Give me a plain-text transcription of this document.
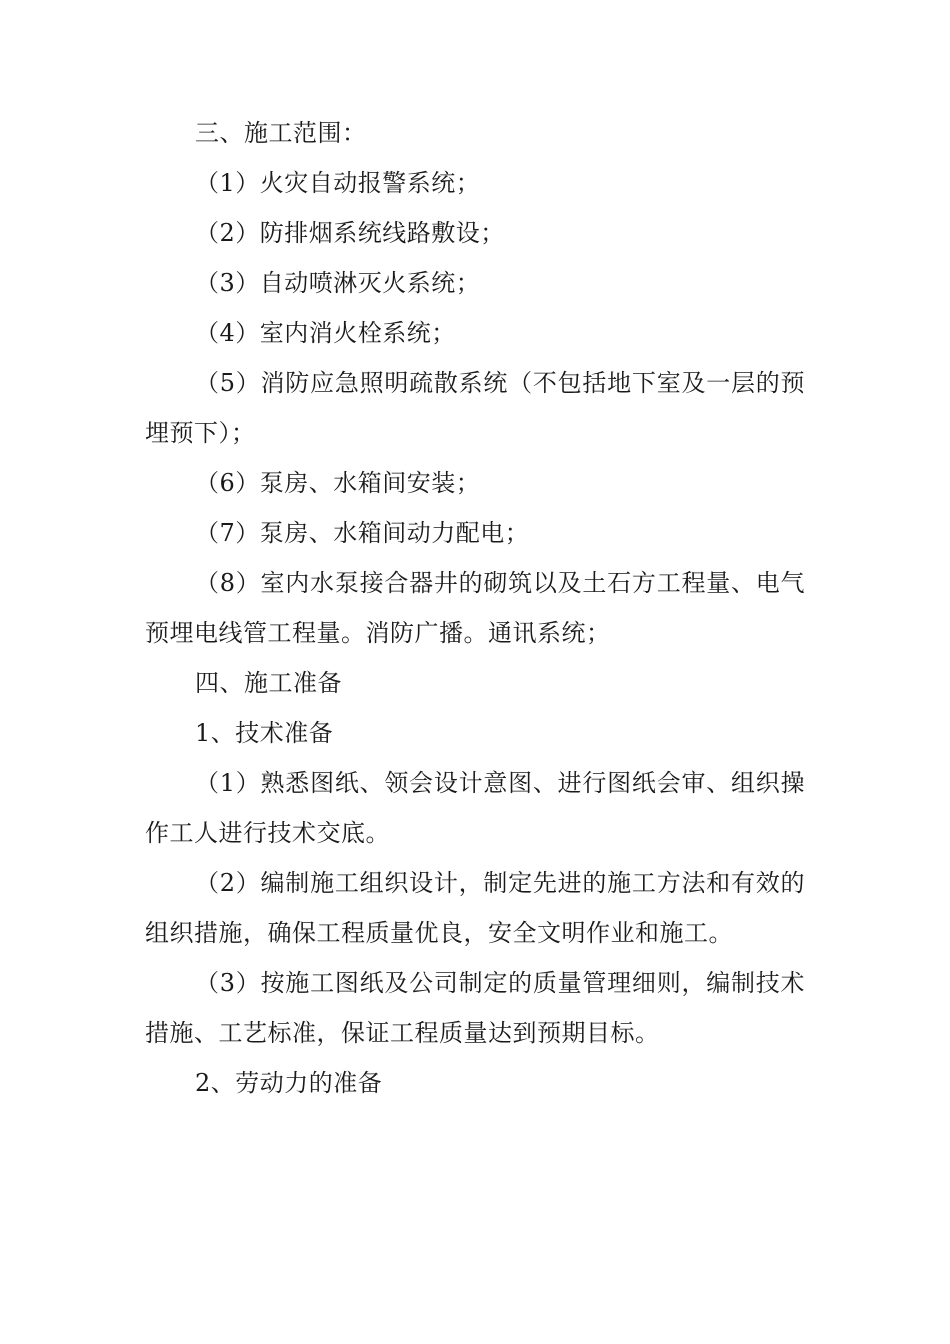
三、施工范围：

（1）火灾自动报警系统；

（2）防排烟系统线路敷设；

（3）自动喷淋灭火系统；

（4）室内消火栓系统；

（5）消防应急照明疏散系统（不包括地下室及一层的预埋预下）；

（6）泵房、水箱间安装；

（7）泵房、水箱间动力配电；

（8）室内水泵接合器井的砌筑以及土石方工程量、电气预埋电线管工程量。消防广播。通讯系统；

四、施工准备

1、技术准备

（1）熟悉图纸、领会设计意图、进行图纸会审、组织操作工人进行技术交底。

（2）编制施工组织设计，制定先进的施工方法和有效的组织措施，确保工程质量优良，安全文明作业和施工。

（3）按施工图纸及公司制定的质量管理细则，编制技术措施、工艺标准，保证工程质量达到预期目标。

2、劳动力的准备
